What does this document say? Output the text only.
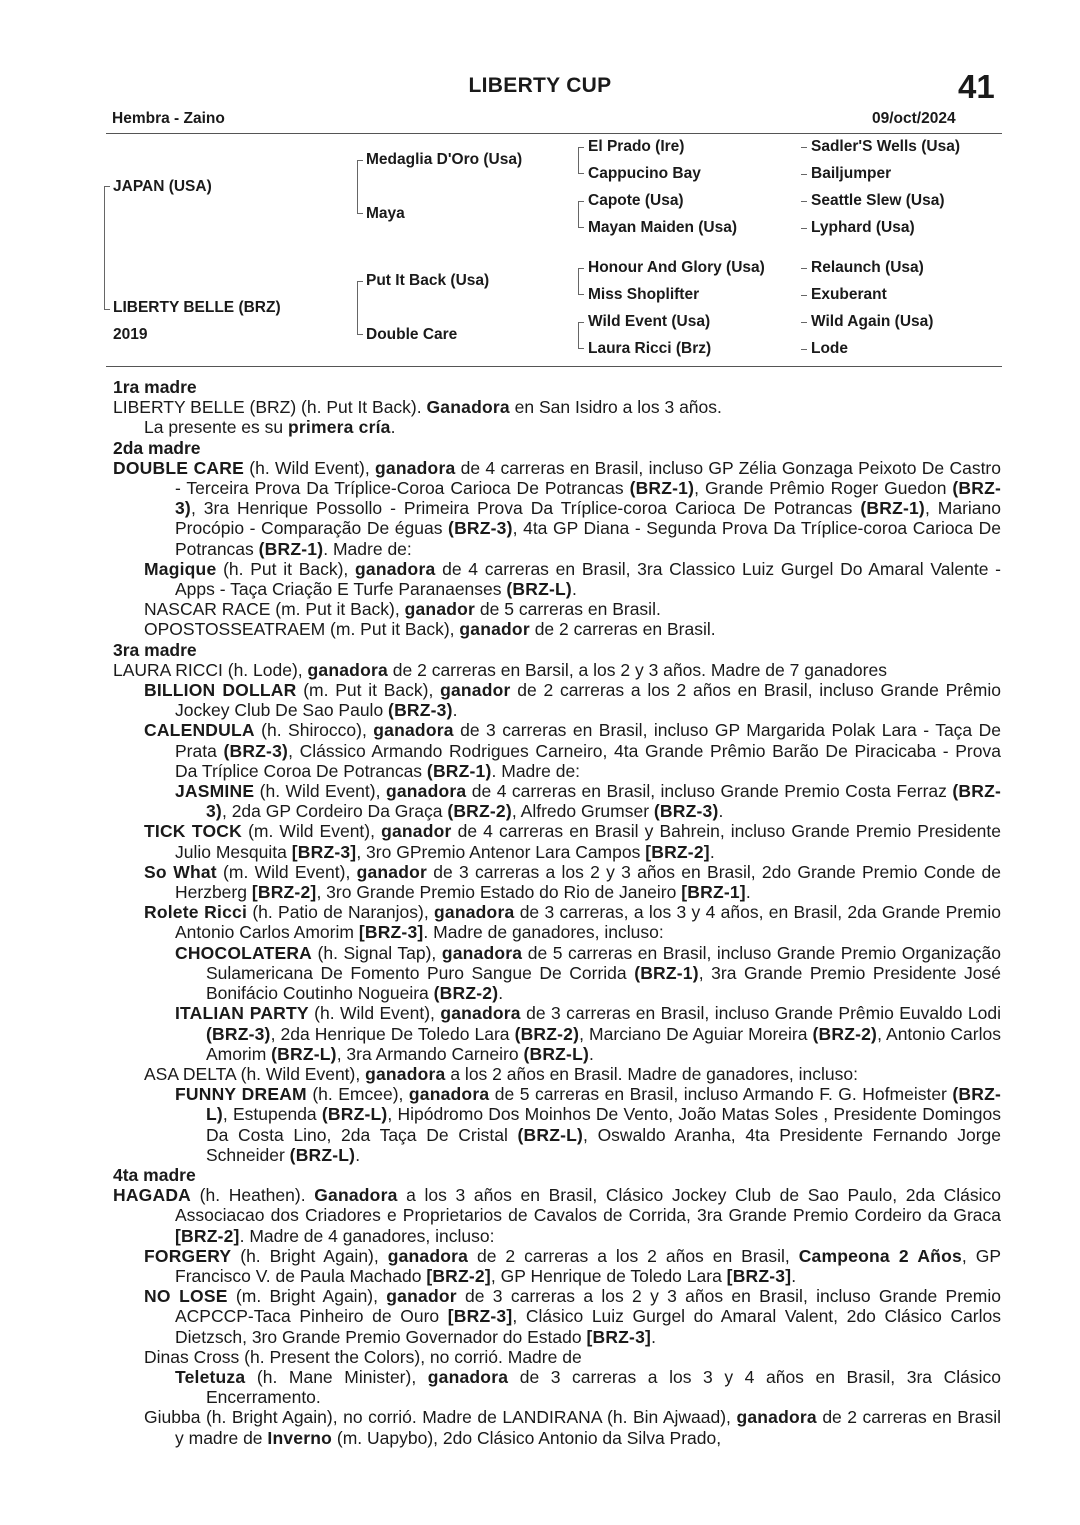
LIBERTY CUP	41
Hembra - Zaino	09/oct/2024
JAPAN (USA)
LIBERTY BELLE (BRZ)
2019
Medaglia D'Oro (Usa)
Maya
Put It Back (Usa)
Double Care
El Prado (Ire)
Cappucino Bay
Capote (Usa)
Mayan Maiden (Usa)
Honour And Glory (Usa)
Miss Shoplifter
Wild Event (Usa)
Laura Ricci (Brz)
Sadler'S Wells (Usa)
Bailjumper
Seattle Slew (Usa)
Lyphard (Usa)
Relaunch (Usa)
Exuberant
Wild Again (Usa)
Lode
1ra madre
LIBERTY BELLE (BRZ) (h. Put It Back). Ganadora en San Isidro a los 3 años.
La presente es su primera cría.
2da madre
DOUBLE CARE (h. Wild Event), ganadora de 4 carreras en Brasil, incluso GP Zélia Gonzaga Peixoto De Castro - Terceira Prova Da Tríplice-Coroa Carioca De Potrancas (BRZ-1), Grande Prêmio Roger Guedon (BRZ-3), 3ra Henrique Possollo - Primeira Prova Da Tríplice-coroa Carioca De Potrancas (BRZ-1), Mariano Procópio - Comparação De éguas (BRZ-3), 4ta GP Diana - Segunda Prova Da Tríplice-coroa Carioca De Potrancas (BRZ-1). Madre de:
Magique (h. Put it Back), ganadora de 4 carreras en Brasil, 3ra Classico Luiz Gurgel Do Amaral Valente - Apps - Taça Criação E Turfe Paranaenses (BRZ-L).
NASCAR RACE (m. Put it Back), ganador de 5 carreras en Brasil.
OPOSTOSSEATRAEM (m. Put it Back), ganador de 2 carreras en Brasil.
3ra madre
LAURA RICCI (h. Lode), ganadora de 2 carreras en Barsil, a los 2 y 3 años. Madre de 7 ganadores
BILLION DOLLAR (m. Put it Back), ganador de 2 carreras a los 2 años en Brasil, incluso Grande Prêmio Jockey Club De Sao Paulo (BRZ-3).
CALENDULA (h. Shirocco), ganadora de 3 carreras en Brasil, incluso GP Margarida Polak Lara - Taça De Prata (BRZ-3), Clássico Armando Rodrigues Carneiro, 4ta Grande Prêmio Barão De Piracicaba - Prova Da Tríplice Coroa De Potrancas (BRZ-1). Madre de:
JASMINE (h. Wild Event), ganadora de 4 carreras en Brasil, incluso Grande Premio Costa Ferraz (BRZ-3), 2da GP Cordeiro Da Graça (BRZ-2), Alfredo Grumser (BRZ-3).
TICK TOCK (m. Wild Event), ganador de 4 carreras en Brasil y Bahrein, incluso Grande Premio Presidente Julio Mesquita [BRZ-3], 3ro GPremio Antenor Lara Campos [BRZ-2].
So What (m. Wild Event), ganador de 3 carreras a los 2 y 3 años en Brasil, 2do Grande Premio Conde de Herzberg [BRZ-2], 3ro Grande Premio Estado do Rio de Janeiro [BRZ-1].
Rolete Ricci (h. Patio de Naranjos), ganadora de 3 carreras, a los 3 y 4 años, en Brasil, 2da Grande Premio Antonio Carlos Amorim [BRZ-3]. Madre de ganadores, incluso:
CHOCOLATERA (h. Signal Tap), ganadora de 5 carreras en Brasil, incluso Grande Premio Organização Sulamericana De Fomento Puro Sangue De Corrida (BRZ-1), 3ra Grande Premio Presidente José Bonifácio Coutinho Nogueira (BRZ-2).
ITALIAN PARTY (h. Wild Event), ganadora de 3 carreras en Brasil, incluso Grande Prêmio Euvaldo Lodi (BRZ-3), 2da Henrique De Toledo Lara (BRZ-2), Marciano De Aguiar Moreira (BRZ-2), Antonio Carlos Amorim (BRZ-L), 3ra Armando Carneiro (BRZ-L).
ASA DELTA (h. Wild Event), ganadora a los 2 años en Brasil. Madre de ganadores, incluso:
FUNNY DREAM (h. Emcee), ganadora de 5 carreras en Brasil, incluso Armando F. G. Hofmeister (BRZ-L), Estupenda (BRZ-L), Hipódromo Dos Moinhos De Vento, João Matas Soles , Presidente Domingos Da Costa Lino, 2da Taça De Cristal (BRZ-L), Oswaldo Aranha, 4ta Presidente Fernando Jorge Schneider (BRZ-L).
4ta madre
HAGADA (h. Heathen). Ganadora a los 3 años en Brasil, Clásico Jockey Club de Sao Paulo, 2da Clásico Associacao dos Criadores e Proprietarios de Cavalos de Corrida, 3ra Grande Premio Cordeiro da Graca [BRZ-2]. Madre de 4 ganadores, incluso:
FORGERY (h. Bright Again), ganadora de 2 carreras a los 2 años en Brasil, Campeona 2 Años, GP Francisco V. de Paula Machado [BRZ-2], GP Henrique de Toledo Lara [BRZ-3].
NO LOSE (m. Bright Again), ganador de 3 carreras a los 2 y 3 años en Brasil, incluso Grande Premio ACPCCP-Taca Pinheiro de Ouro [BRZ-3], Clásico Luiz Gurgel do Amaral Valent, 2do Clásico Carlos Dietzsch, 3ro Grande Premio Governador do Estado [BRZ-3].
Dinas Cross (h. Present the Colors), no corrió. Madre de
Teletuza (h. Mane Minister), ganadora de 3 carreras a los 3 y 4 años en Brasil, 3ra Clásico Encerramento.
Giubba (h. Bright Again), no corrió. Madre de LANDIRANA (h. Bin Ajwaad), ganadora de 2 carreras en Brasil y madre de Inverno (m. Uapybo), 2do Clásico Antonio da Silva Prado,
